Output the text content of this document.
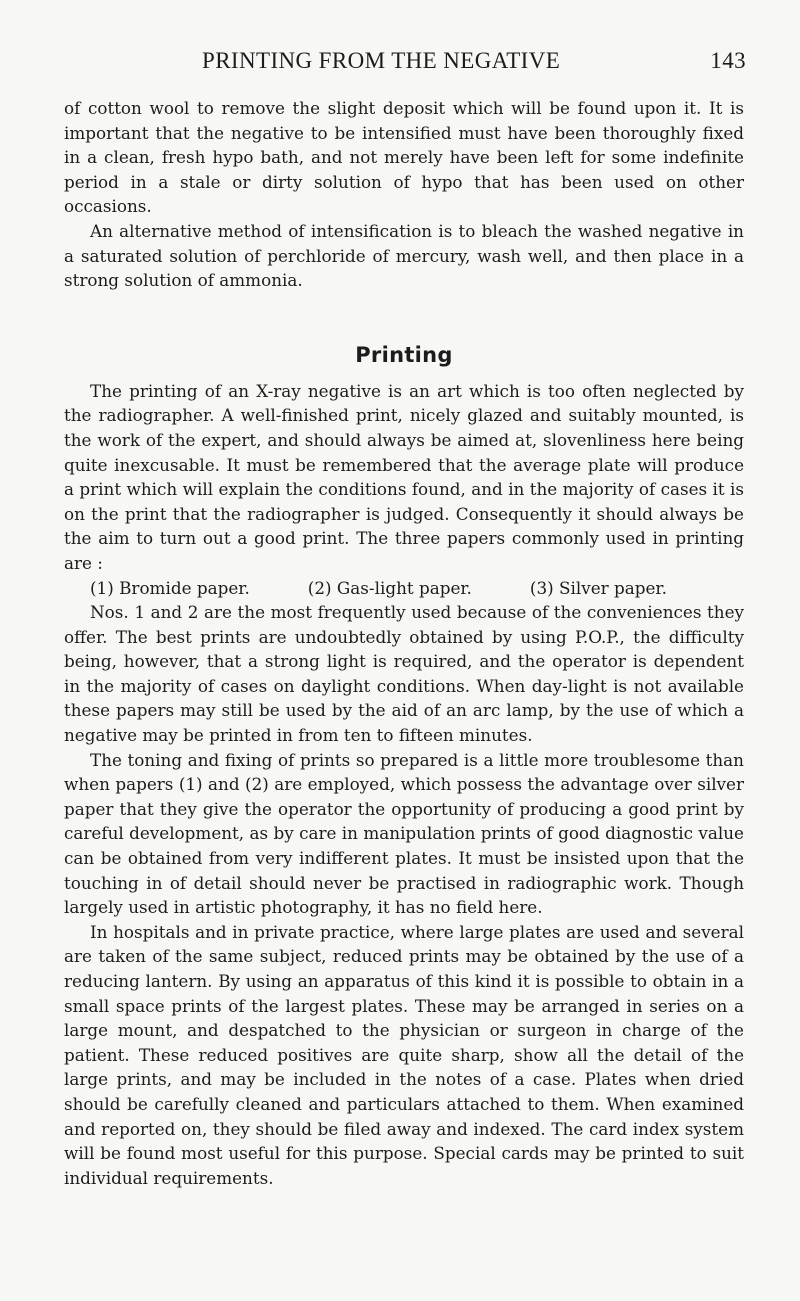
PRINTING FROM THE NEGATIVE	143

of cotton wool to remove the slight deposit which will be found upon it. It is important that the negative to be intensified must have been thoroughly fixed in a clean, fresh hypo bath, and not merely have been left for some indefinite period in a stale or dirty solution of hypo that has been used on other occasions.

An alternative method of intensification is to bleach the washed negative in a saturated solution of perchloride of mercury, wash well, and then place in a strong solution of ammonia.

Printing

The printing of an X-ray negative is an art which is too often neglected by the radiographer. A well-finished print, nicely glazed and suitably mounted, is the work of the expert, and should always be aimed at, slovenliness here being quite inexcusable. It must be remembered that the average plate will produce a print which will explain the conditions found, and in the majority of cases it is on the print that the radiographer is judged. Consequently it should always be the aim to turn out a good print. The three papers commonly used in printing are :

(1) Bromide paper.	(2) Gas-light paper.	(3) Silver paper.

Nos. 1 and 2 are the most frequently used because of the conveniences they offer. The best prints are undoubtedly obtained by using P.O.P., the difficulty being, however, that a strong light is required, and the operator is dependent in the majority of cases on daylight conditions. When day-light is not available these papers may still be used by the aid of an arc lamp, by the use of which a negative may be printed in from ten to fifteen minutes.

The toning and fixing of prints so prepared is a little more troublesome than when papers (1) and (2) are employed, which possess the advantage over silver paper that they give the operator the opportunity of producing a good print by careful development, as by care in manipulation prints of good diagnostic value can be obtained from very indifferent plates. It must be insisted upon that the touching in of detail should never be practised in radiographic work. Though largely used in artistic photography, it has no field here.

In hospitals and in private practice, where large plates are used and several are taken of the same subject, reduced prints may be obtained by the use of a reducing lantern. By using an apparatus of this kind it is possible to obtain in a small space prints of the largest plates. These may be arranged in series on a large mount, and despatched to the physician or surgeon in charge of the patient. These reduced positives are quite sharp, show all the detail of the large prints, and may be included in the notes of a case. Plates when dried should be carefully cleaned and particulars attached to them. When examined and reported on, they should be filed away and indexed. The card index system will be found most useful for this purpose. Special cards may be printed to suit individual requirements.
